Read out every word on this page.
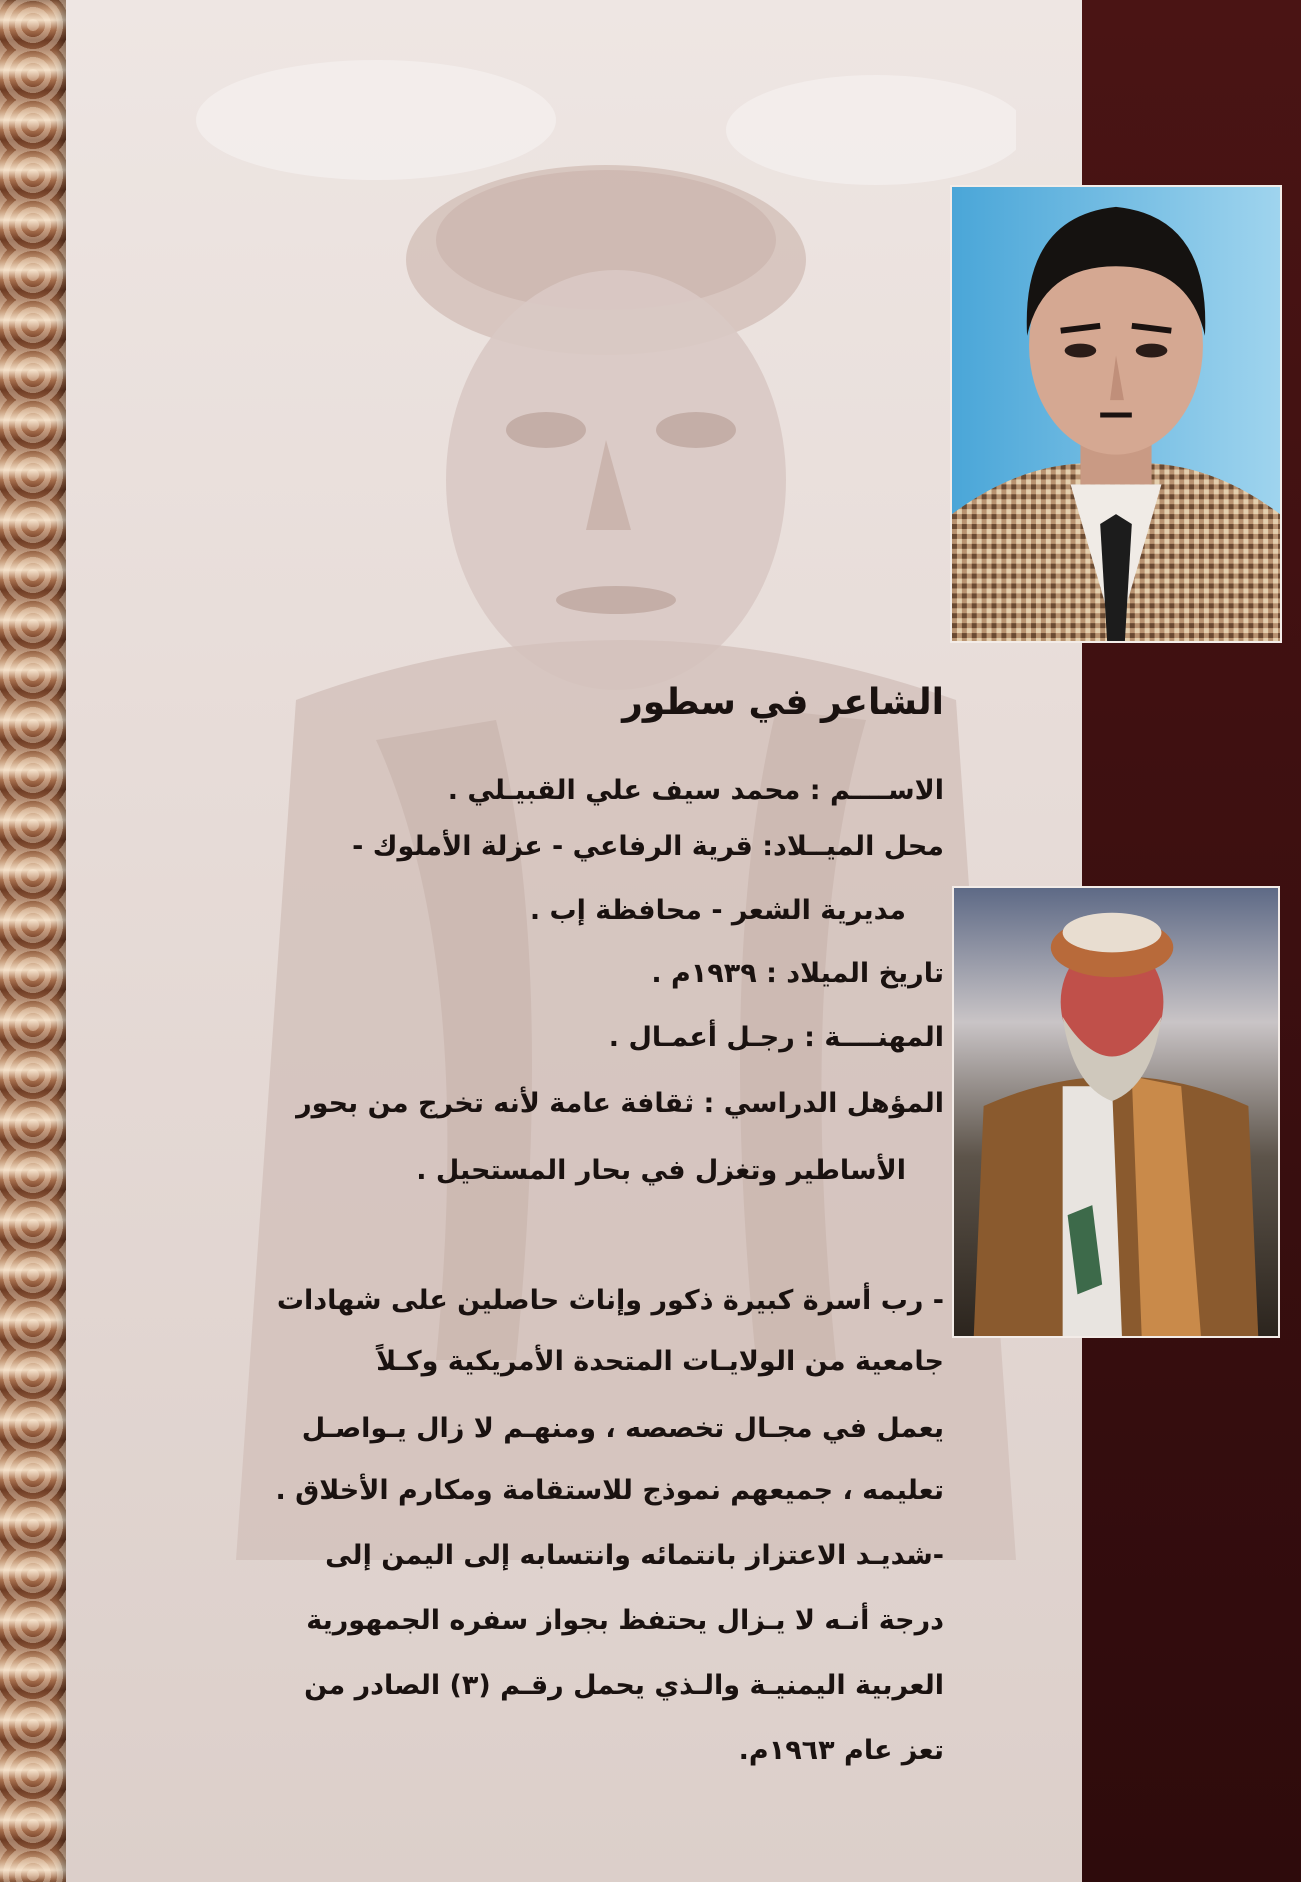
الشاعر في سطور
الاســــم : محمد سيف علي القبيـلي .
محل الميــلاد: قرية الرفاعي - عزلة الأملوك -
مديرية الشعر - محافظة إب .
تاريخ الميلاد : ١٩٣٩م .
المهنــــة : رجـل أعمـال .
المؤهل الدراسي : ثقافة عامة لأنه تخرج من بحور
الأساطير وتغزل في بحار المستحيل .
- رب أسرة كبيرة ذكور وإناث حاصلين على شهادات
جامعية من الولايـات المتحدة الأمريكية وكـلاً
يعمل في مجـال تخصصه ، ومنهـم لا زال يـواصـل
تعليمه ، جميعهم نموذج للاستقامة ومكارم الأخلاق .
-شديـد الاعتزاز بانتمائه وانتسابه إلى اليمن إلى
درجة أنـه لا يـزال يحتفظ بجواز سفره الجمهورية
العربية اليمنيـة والـذي يحمل رقـم (٣) الصادر من
تعز عام ١٩٦٣م.
